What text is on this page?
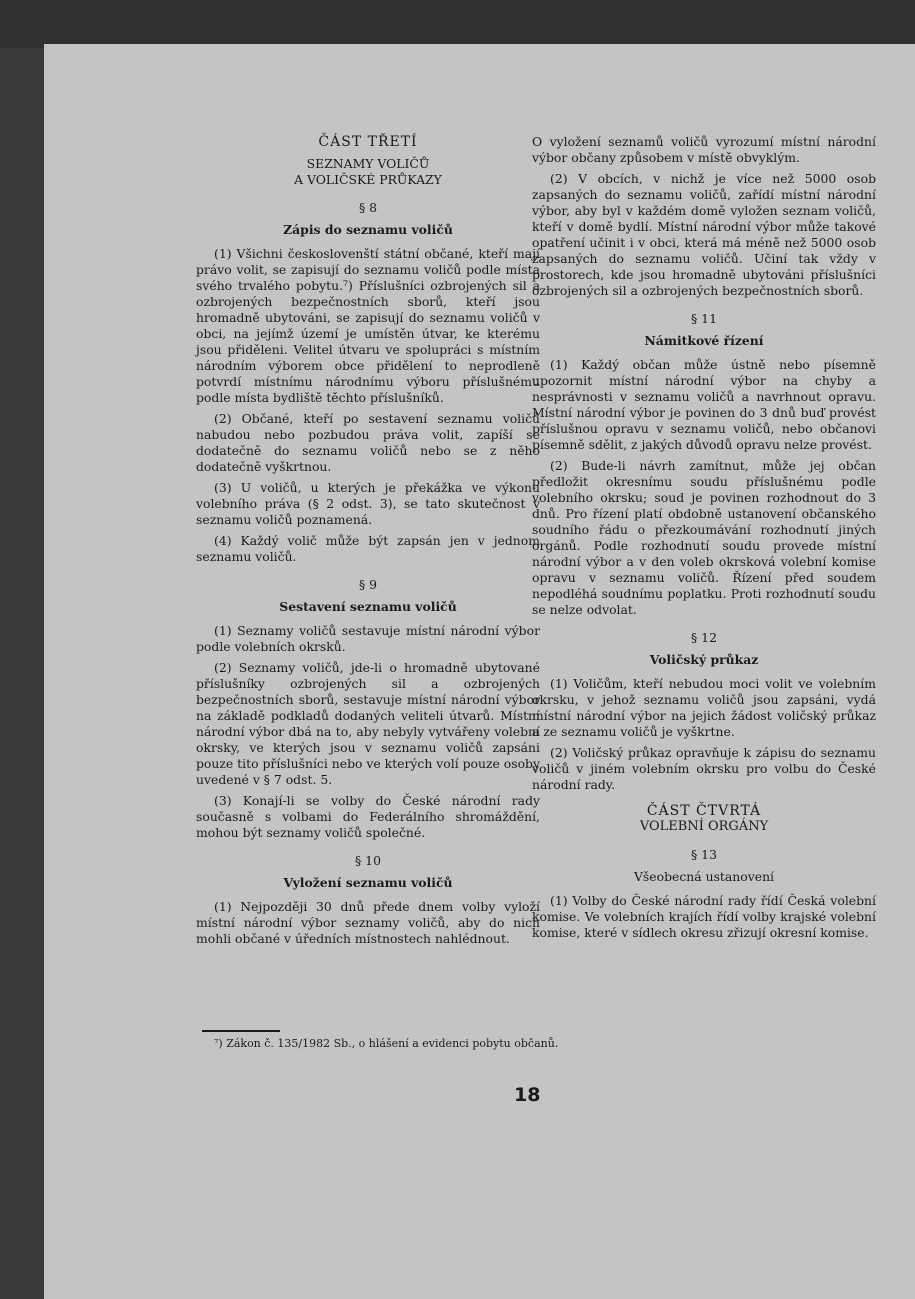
ČÁST TŘETÍ
SEZNAMY VOLIČŮ
A VOLIČSKÉ PRŮKAZY
§ 8
Zápis do seznamu voličů

(1) Všichni českoslovenští státní občané, kteří mají právo volit, se zapisují do seznamu voličů podle místa svého trvalého pobytu.⁷) Příslušníci ozbrojených sil a ozbrojených bezpečnostních sborů, kteří jsou hromadně ubytováni, se zapisují do seznamu voličů v obci, na jejímž území je umístěn útvar, ke kterému jsou přiděleni. Velitel útvaru ve spolupráci s místním národním výborem obce přidělení to neprodleně potvrdí místnímu národnímu výboru příslušnému podle místa bydliště těchto příslušníků.

(2) Občané, kteří po sestavení seznamu voličů nabudou nebo pozbudou práva volit, zapíší se dodatečně do seznamu voličů nebo se z něho dodatečně vyškrtnou.

(3) U voličů, u kterých je překážka ve výkonu volebního práva (§ 2 odst. 3), se tato skutečnost v seznamu voličů poznamená.

(4) Každý volič může být zapsán jen v jednom seznamu voličů.

§ 9
Sestavení seznamu voličů

(1) Seznamy voličů sestavuje místní národní výbor podle volebních okrsků.

(2) Seznamy voličů, jde-li o hromadně ubytované příslušníky ozbrojených sil a ozbrojených bezpečnostních sborů, sestavuje místní národní výbor na základě podkladů dodaných veliteli útvarů. Místní národní výbor dbá na to, aby nebyly vytvářeny volební okrsky, ve kterých jsou v seznamu voličů zapsáni pouze tito příslušníci nebo ve kterých volí pouze osoby uvedené v § 7 odst. 5.

(3) Konají-li se volby do České národní rady současně s volbami do Federálního shromáždění, mohou být seznamy voličů společné.

§ 10
Vyložení seznamu voličů

(1) Nejpozději 30 dnů přede dnem volby vyloží místní národní výbor seznamy voličů, aby do nich mohli občané v úředních místnostech nahlédnout.

O vyložení seznamů voličů vyrozumí místní národní výbor občany způsobem v místě obvyklým.

(2) V obcích, v nichž je více než 5000 osob zapsaných do seznamu voličů, zařídí místní národní výbor, aby byl v každém domě vyložen seznam voličů, kteří v domě bydlí. Místní národní výbor může takové opatření učinit i v obci, která má méně než 5000 osob zapsaných do seznamu voličů. Učiní tak vždy v prostorech, kde jsou hromadně ubytováni příslušníci ozbrojených sil a ozbrojených bezpečnostních sborů.

§ 11
Námitkové řízení

(1) Každý občan může ústně nebo písemně upozornit místní národní výbor na chyby a nesprávnosti v seznamu voličů a navrhnout opravu. Místní národní výbor je povinen do 3 dnů buď provést příslušnou opravu v seznamu voličů, nebo občanovi písemně sdělit, z jakých důvodů opravu nelze provést.

(2) Bude-li návrh zamítnut, může jej občan předložit okresnímu soudu příslušnému podle volebního okrsku; soud je povinen rozhodnout do 3 dnů. Pro řízení platí obdobně ustanovení občanského soudního řádu o přezkoumávání rozhodnutí jiných orgánů. Podle rozhodnutí soudu provede místní národní výbor a v den voleb okrsková volební komise opravu v seznamu voličů. Řízení před soudem nepodléhá soudnímu poplatku. Proti rozhodnutí soudu se nelze odvolat.

§ 12
Voličský průkaz

(1) Voličům, kteří nebudou moci volit ve volebním okrsku, v jehož seznamu voličů jsou zapsáni, vydá místní národní výbor na jejich žádost voličský průkaz a ze seznamu voličů je vyškrtne.

(2) Voličský průkaz opravňuje k zápisu do seznamu voličů v jiném volebním okrsku pro volbu do České národní rady.

ČÁST ČTVRTÁ
VOLEBNÍ ORGÁNY
§ 13
Všeobecná ustanovení

(1) Volby do České národní rady řídí Česká volební komise. Ve volebních krajích řídí volby krajské volební komise, které v sídlech okresu zřizují okresní komise.

⁷) Zákon č. 135/1982 Sb., o hlášení a evidenci pobytu občanů.
18
